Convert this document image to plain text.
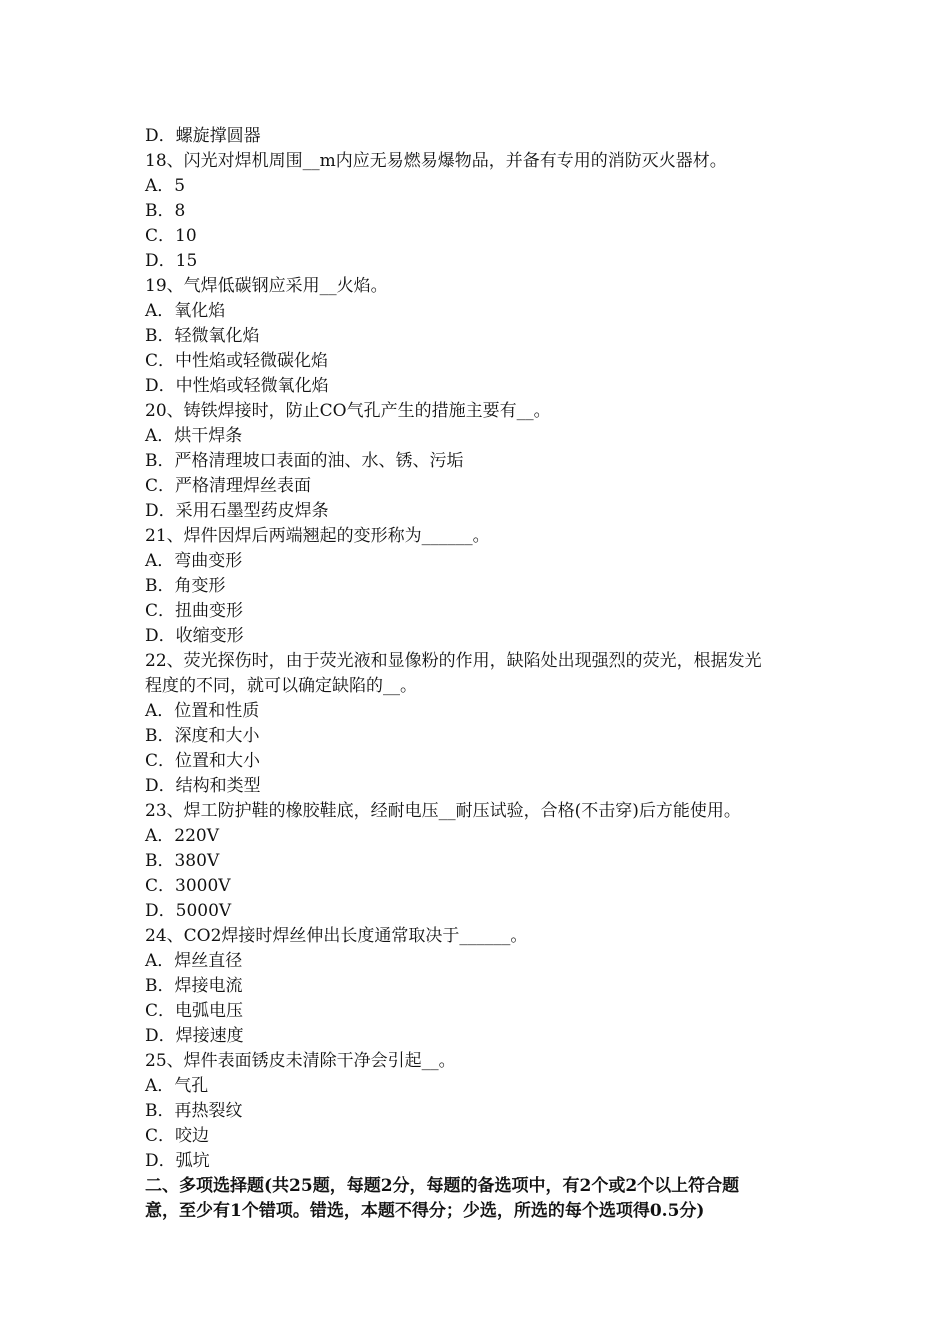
D．螺旋撑圆器
18、闪光对焊机周围__m内应无易燃易爆物品，并备有专用的消防灭火器材。
A．5
B．8
C．10
D．15
19、气焊低碳钢应采用__火焰。
A．氧化焰
B．轻微氧化焰
C．中性焰或轻微碳化焰
D．中性焰或轻微氧化焰
20、铸铁焊接时，防止CO气孔产生的措施主要有__。
A．烘干焊条
B．严格清理坡口表面的油、水、锈、污垢
C．严格清理焊丝表面
D．采用石墨型药皮焊条
21、焊件因焊后两端翘起的变形称为______。
A．弯曲变形
B．角变形
C．扭曲变形
D．收缩变形
22、荧光探伤时，由于荧光液和显像粉的作用，缺陷处出现强烈的荧光，根据发光
程度的不同，就可以确定缺陷的__。
A．位置和性质
B．深度和大小
C．位置和大小
D．结构和类型
23、焊工防护鞋的橡胶鞋底，经耐电压__耐压试验，合格(不击穿)后方能使用。
A．220V
B．380V
C．3000V
D．5000V
24、CO2焊接时焊丝伸出长度通常取决于______。
A．焊丝直径
B．焊接电流
C．电弧电压
D．焊接速度
25、焊件表面锈皮未清除干净会引起__。
A．气孔
B．再热裂纹
C．咬边
D．弧坑
二、多项选择题(共25题，每题2分，每题的备选项中，有2个或2个以上符合题
意，至少有1个错项。错选，本题不得分；少选，所选的每个选项得0.5分)
